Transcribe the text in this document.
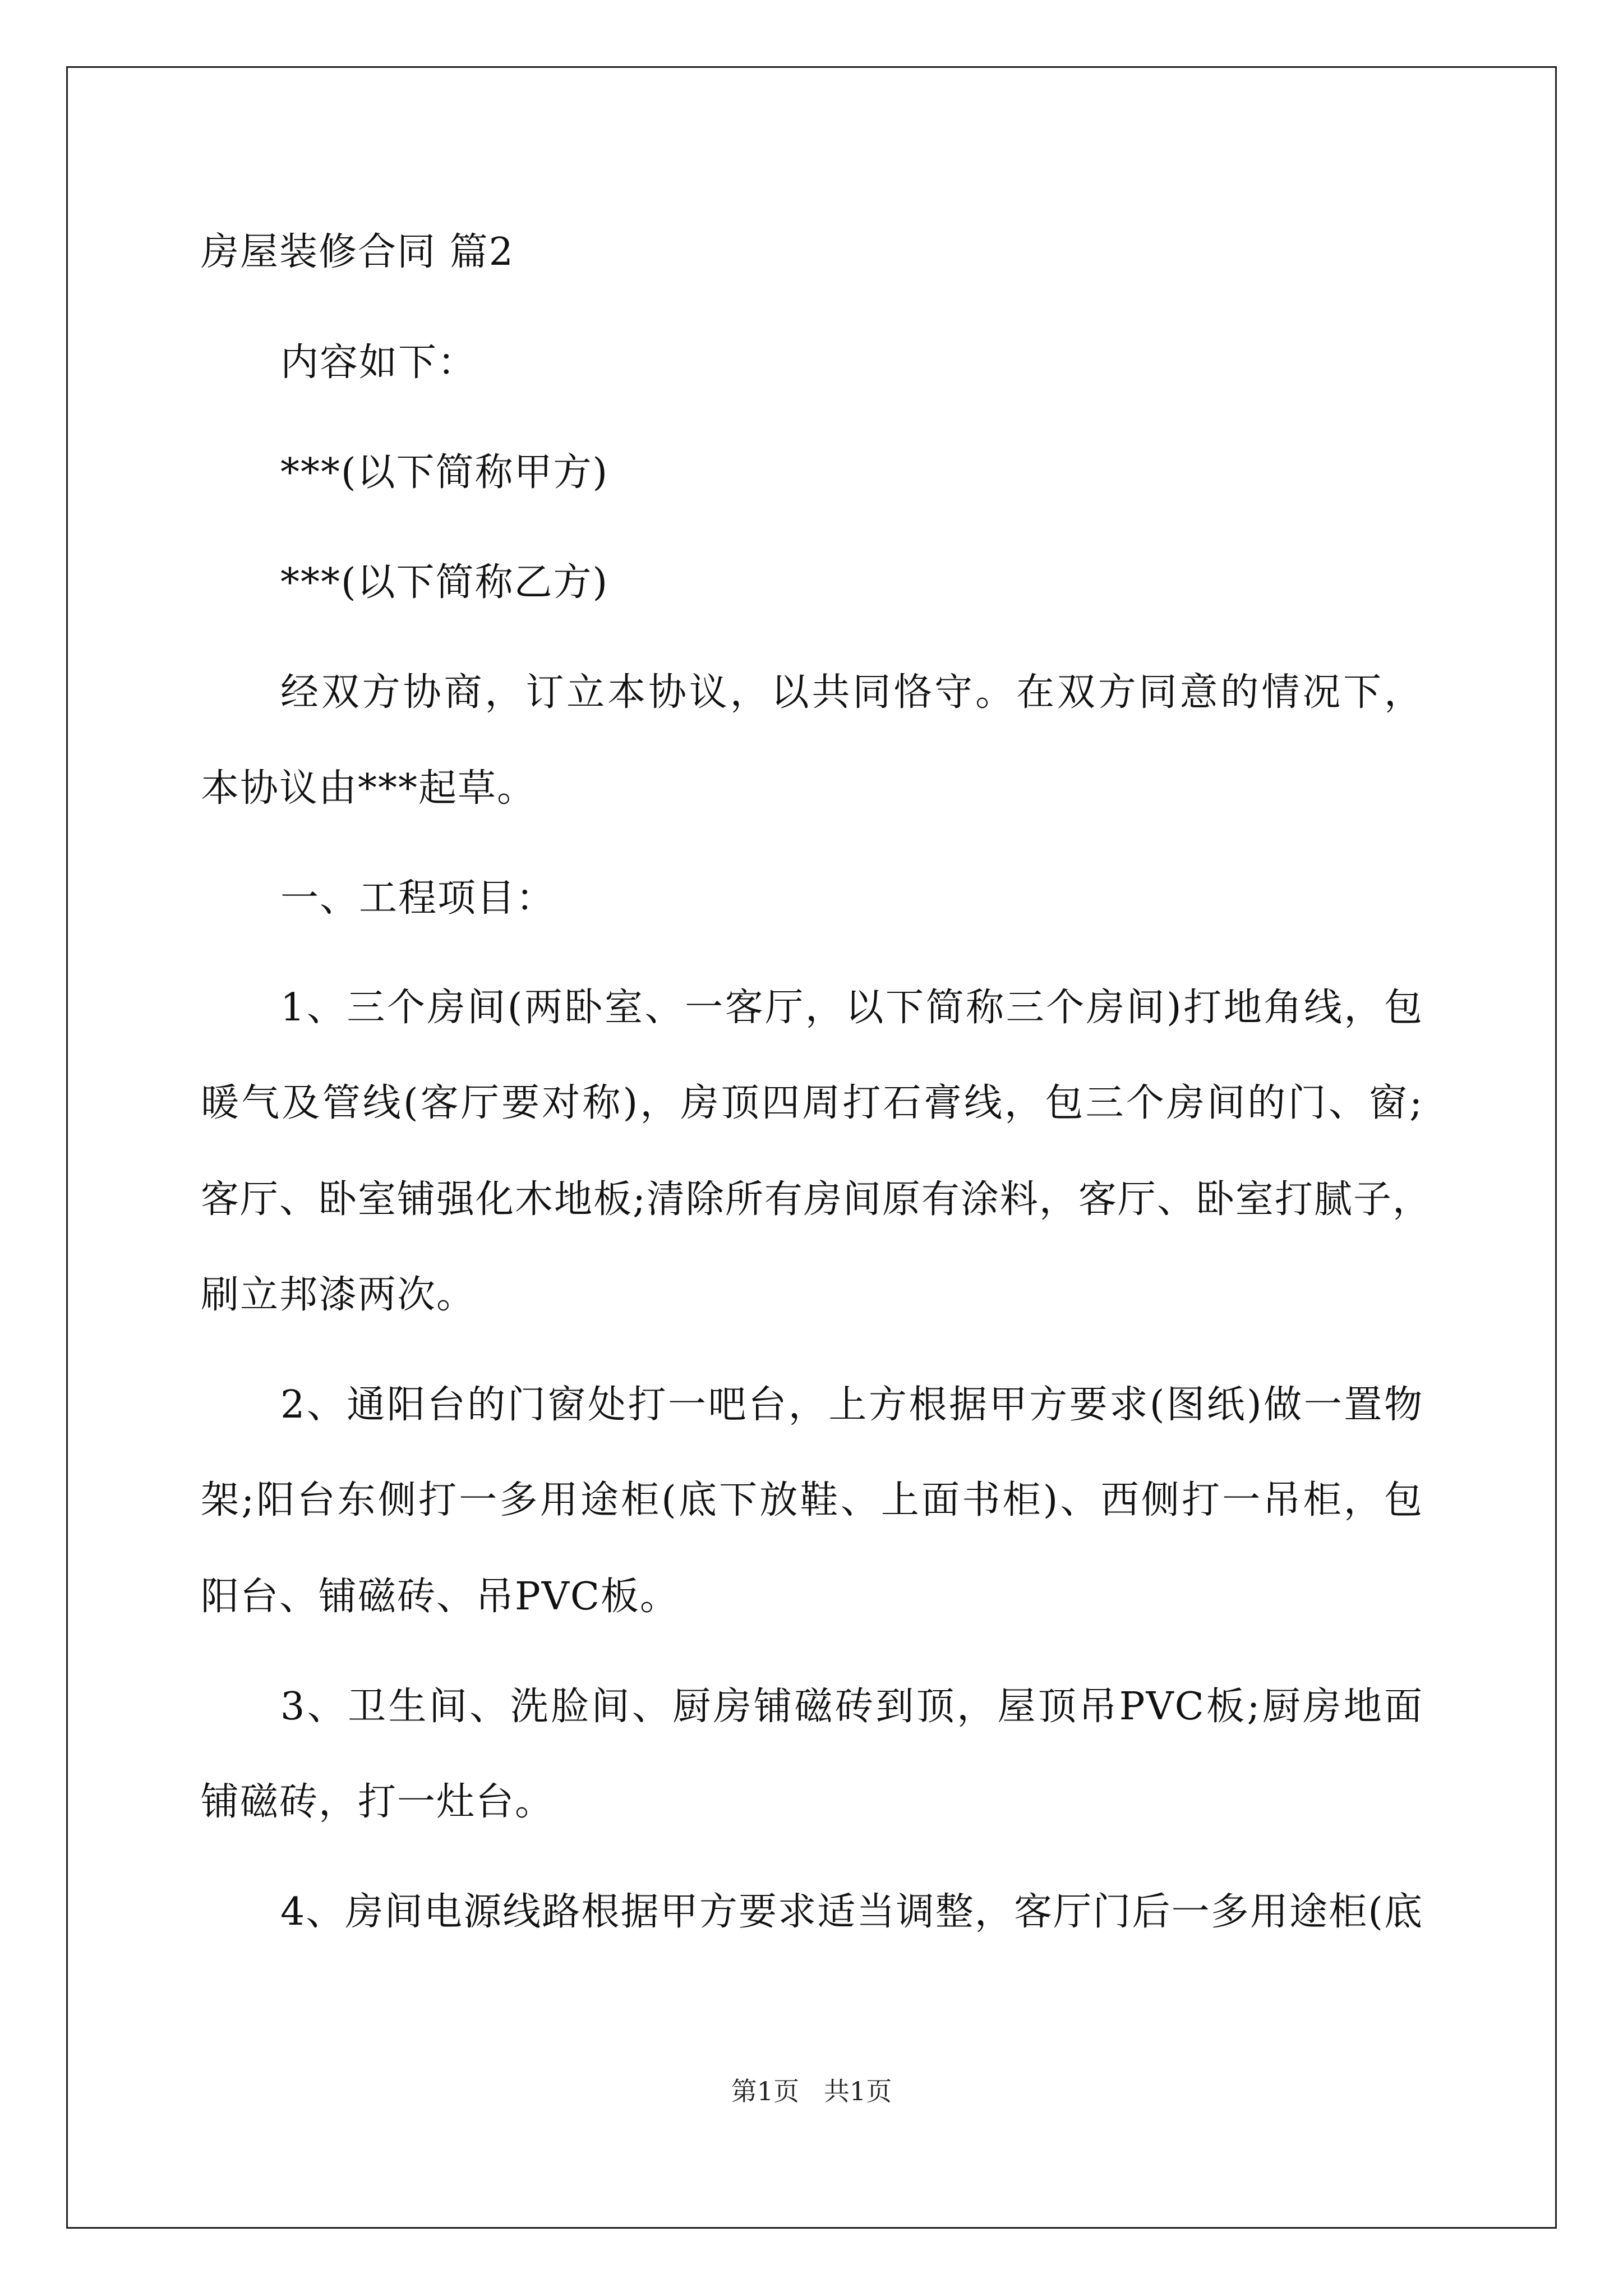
房屋装修合同 篇2
内容如下：
***(以下简称甲方)
***(以下简称乙方)
经双方协商，订立本协议，以共同恪守。在双方同意的情况下，
本协议由***起草。
一、工程项目：
1、三个房间(两卧室、一客厅，以下简称三个房间)打地角线，包
暖气及管线(客厅要对称)，房顶四周打石膏线，包三个房间的门、窗;
客厅、卧室铺强化木地板;清除所有房间原有涂料，客厅、卧室打腻子，
刷立邦漆两次。
2、通阳台的门窗处打一吧台，上方根据甲方要求(图纸)做一置物
架;阳台东侧打一多用途柜(底下放鞋、上面书柜)、西侧打一吊柜，包
阳台、铺磁砖、吊PVC板。
3、卫生间、洗脸间、厨房铺磁砖到顶，屋顶吊PVC板;厨房地面
铺磁砖，打一灶台。
4、房间电源线路根据甲方要求适当调整，客厅门后一多用途柜(底
第1页   共1页
